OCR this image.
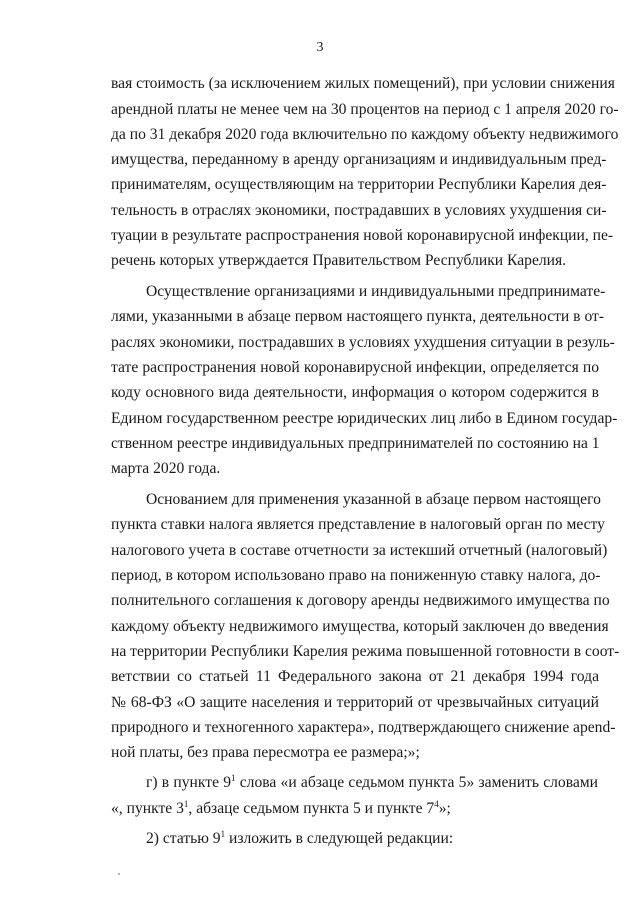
3
вая стоимость (за исключением жилых помещений), при условии снижения
арендной платы не менее чем на 30 процентов на период с 1 апреля 2020 го-
да по 31 декабря 2020 года включительно по каждому объекту недвижимого
имущества, переданному в аренду организациям и индивидуальным пред-
принимателям, осуществляющим на территории Республики Карелия дея-
тельность в отраслях экономики, пострадавших в условиях ухудшения си-
туации в результате распространения новой коронавирусной инфекции, пе-
речень которых утверждается Правительством Республики Карелия.
Осуществление организациями и индивидуальными предпринимате-
лями, указанными в абзаце первом настоящего пункта, деятельности в от-
раслях экономики, пострадавших в условиях ухудшения ситуации в резуль-
тате распространения новой коронавирусной инфекции, определяется по
коду основного вида деятельности, информация о котором содержится в
Едином государственном реестре юридических лиц либо в Едином государ-
ственном реестре индивидуальных предпринимателей по состоянию на 1
марта 2020 года.
Основанием для применения указанной в абзаце первом настоящего
пункта ставки налога является представление в налоговый орган по месту
налогового учета в составе отчетности за истекший отчетный (налоговый)
период, в котором использовано право на пониженную ставку налога, до-
полнительного соглашения к договору аренды недвижимого имущества по
каждому объекту недвижимого имущества, который заключен до введения
на территории Республики Карелия режима повышенной готовности в соот-
ветствии со статьей 11 Федерального закона от 21 декабря 1994 года
№ 68-ФЗ «О защите населения и территорий от чрезвычайных ситуаций
природного и техногенного характера», подтверждающего снижение арend-
ной платы, без права пересмотра ее размера;»;
г) в пункте $9^1$ слова «и абзаце седьмом пункта 5» заменить словами
«, пункте $3^1$, абзаце седьмом пункта 5 и пункте $7^4$»;
2) статью $9^1$ изложить в следующей редакции:
